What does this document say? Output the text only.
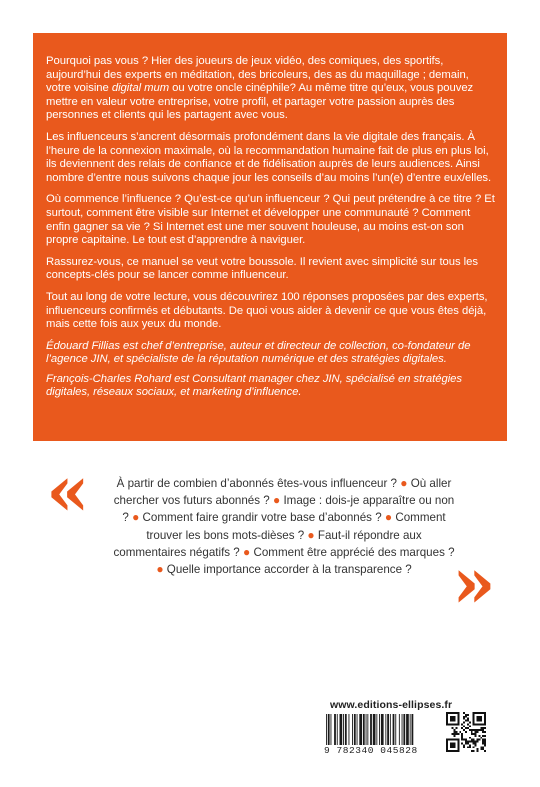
Pourquoi pas vous ? Hier des joueurs de jeux vidéo, des comiques, des sportifs, aujourd’hui des experts en méditation, des bricoleurs, des as du maquillage ; demain, votre voisine digital mum ou votre oncle cinéphile? Au même titre qu’eux, vous pouvez mettre en valeur votre entreprise, votre profil, et partager votre passion auprès des personnes et clients qui les partagent avec vous.

Les influenceurs s’ancrent désormais profondément dans la vie digitale des français. À l’heure de la connexion maximale, où la recommandation humaine fait de plus en plus loi, ils deviennent des relais de confiance et de fidélisation auprès de leurs audiences. Ainsi nombre d’entre nous suivons chaque jour les conseils d’au moins l’un(e) d’entre eux/elles.

Où commence l’influence ? Qu’est-ce qu’un influenceur ? Qui peut prétendre à ce titre ? Et surtout, comment être visible sur Internet et développer une communauté ? Comment enfin gagner sa vie ? Si Internet est une mer souvent houleuse, au moins est-on son propre capitaine. Le tout est d’apprendre à naviguer.

Rassurez-vous, ce manuel se veut votre boussole. Il revient avec simplicité sur tous les concepts-clés pour se lancer comme influenceur.

Tout au long de votre lecture, vous découvrirez 100 réponses proposées par des experts, influenceurs confirmés et débutants. De quoi vous aider à devenir ce que vous êtes déjà, mais cette fois aux yeux du monde.

Édouard Fillias est chef d’entreprise, auteur et directeur de collection, co-fondateur de l’agence JIN, et spécialiste de la réputation numérique et des stratégies digitales.

François-Charles Rohard est Consultant manager chez JIN, spécialisé en stratégies digitales, réseaux sociaux, et marketing d’influence.

«	À partir de combien d’abonnés êtes-vous influenceur ? ● Où aller chercher vos futurs abonnés ? ● Image : dois-je apparaître ou non ? ● Comment faire grandir votre base d’abonnés ? ● Comment trouver les bons mots-dièses ? ● Faut-il répondre aux commentaires négatifs ? ● Comment être apprécié des marques ? ● Quelle importance accorder à la transparence ? »
www.editions-ellipses.fr
9 782340 045828
